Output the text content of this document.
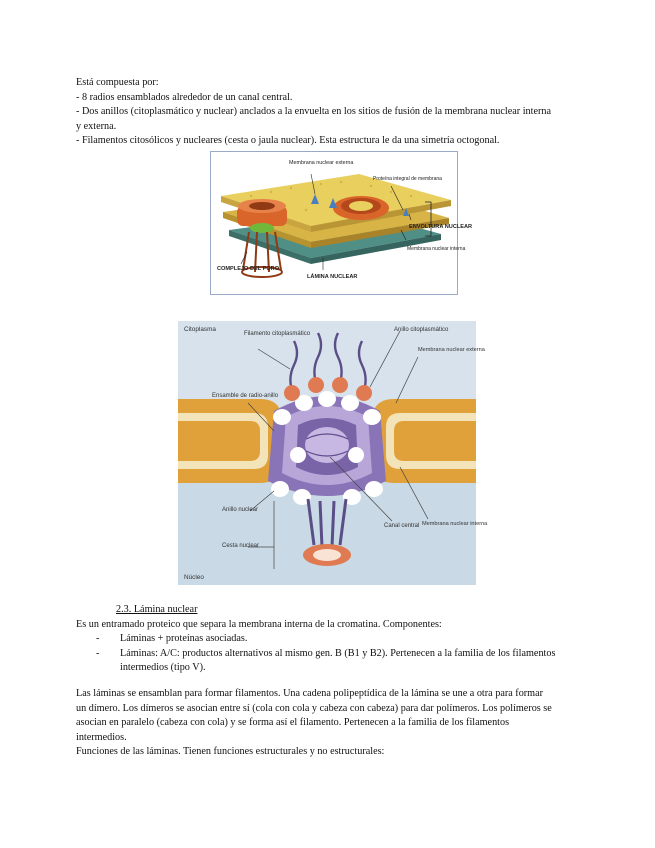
Está compuesta por:
- 8 radios ensamblados alrededor de un canal central.
- Dos anillos (citoplasmático y nuclear) anclados a la envuelta en los sitios de fusión de la membrana nuclear interna
y externa.
- Filamentos citosólicos y nucleares (cesta o jaula nuclear). Esta estructura le da una simetría octogonal.
Membrana nuclear externa
Proteína integral de membrana
ENVOLTURA NUCLEAR
Membrana nuclear interna
COMPLEJO DEL PORO
LÁMINA NUCLEAR
Citoplasma
Filamento citoplasmático
Anillo citoplasmático
Membrana nuclear externa
Ensamble de radio-anillo
Anillo nuclear
Canal central Membrana nuclear interna
Cesta nuclear
Núcleo
2.3. Lámina nuclear
Es un entramado proteico que separa la membrana interna de la cromatina. Componentes:
-	Láminas + proteínas asociadas.
-	Láminas: A/C: productos alternativos al mismo gen. B (B1 y B2). Pertenecen a la familia de los filamentos intermedios (tipo V).
Las láminas se ensamblan para formar filamentos. Una cadena polipeptídica de la lámina se une a otra para formar
un dímero. Los dímeros se asocian entre sí (cola con cola y cabeza con cabeza) para dar polímeros. Los polímeros se
asocian en paralelo (cabeza con cola) y se forma así el filamento. Pertenecen a la familia de los filamentos
intermedios.
Funciones de las láminas. Tienen funciones estructurales y no estructurales:
